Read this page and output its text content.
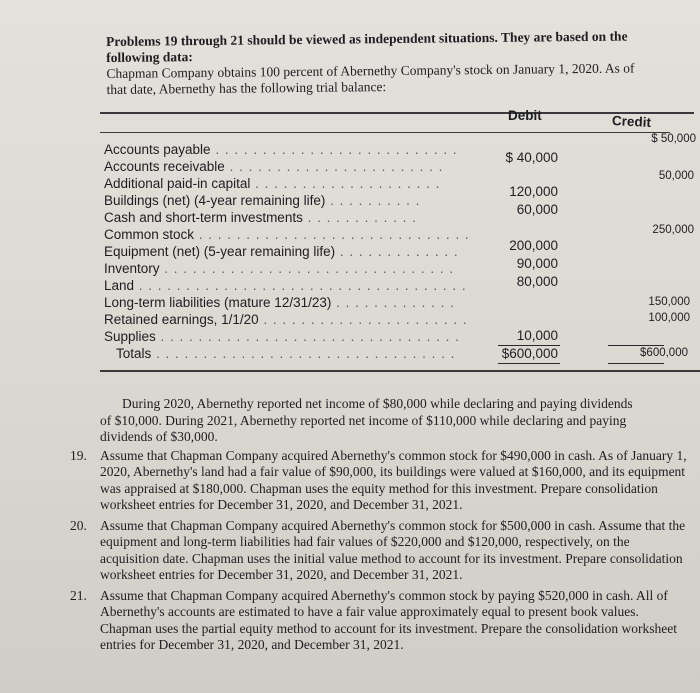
Problems 19 through 21 should be viewed as independent situations. They are based on the
following data:
Chapman Company obtains 100 percent of Abernethy Company's stock on January 1, 2020. As of
that date, Abernethy has the following trial balance:
Debit	Credit
Accounts payable . . . . . . . . . . . . . . . . . . . . . . . . . .
Accounts receivable . . . . . . . . . . . . . . . . . . . . . . .
Additional paid-in capital . . . . . . . . . . . . . . . . . . . .
Buildings (net) (4-year remaining life) . . . . . . . . . .
Cash and short-term investments . . . . . . . . . . . .
Common stock . . . . . . . . . . . . . . . . . . . . . . . . . . . . .
Equipment (net) (5-year remaining life) . . . . . . . . . . . . .
Inventory . . . . . . . . . . . . . . . . . . . . . . . . . . . . . . .
Land . . . . . . . . . . . . . . . . . . . . . . . . . . . . . . . . . . .
Long-term liabilities (mature 12/31/23) . . . . . . . . . . . . .
Retained earnings, 1/1/20 . . . . . . . . . . . . . . . . . . . . . .
Supplies . . . . . . . . . . . . . . . . . . . . . . . . . . . . . . . .
Totals . . . . . . . . . . . . . . . . . . . . . . . . . . . . . . . .
$ 40,000
120,000
60,000
200,000
90,000
80,000
10,000
$600,000
$ 50,000
50,000
250,000
150,000
100,000
$600,000
During 2020, Abernethy reported net income of $80,000 while declaring and paying dividends
of $10,000. During 2021, Abernethy reported net income of $110,000 while declaring and paying
dividends of $30,000.
19. Assume that Chapman Company acquired Abernethy's common stock for $490,000 in cash. As of January 1, 2020, Abernethy's land had a fair value of $90,000, its buildings were valued at $160,000, and its equipment was appraised at $180,000. Chapman uses the equity method for this investment. Prepare consolidation worksheet entries for December 31, 2020, and December 31, 2021.
20. Assume that Chapman Company acquired Abernethy's common stock for $500,000 in cash. Assume that the equipment and long-term liabilities had fair values of $220,000 and $120,000, respectively, on the acquisition date. Chapman uses the initial value method to account for its investment. Prepare consolidation worksheet entries for December 31, 2020, and December 31, 2021.
21. Assume that Chapman Company acquired Abernethy's common stock by paying $520,000 in cash. All of Abernethy's accounts are estimated to have a fair value approximately equal to present book values. Chapman uses the partial equity method to account for its investment. Prepare the consolidation worksheet entries for December 31, 2020, and December 31, 2021.
